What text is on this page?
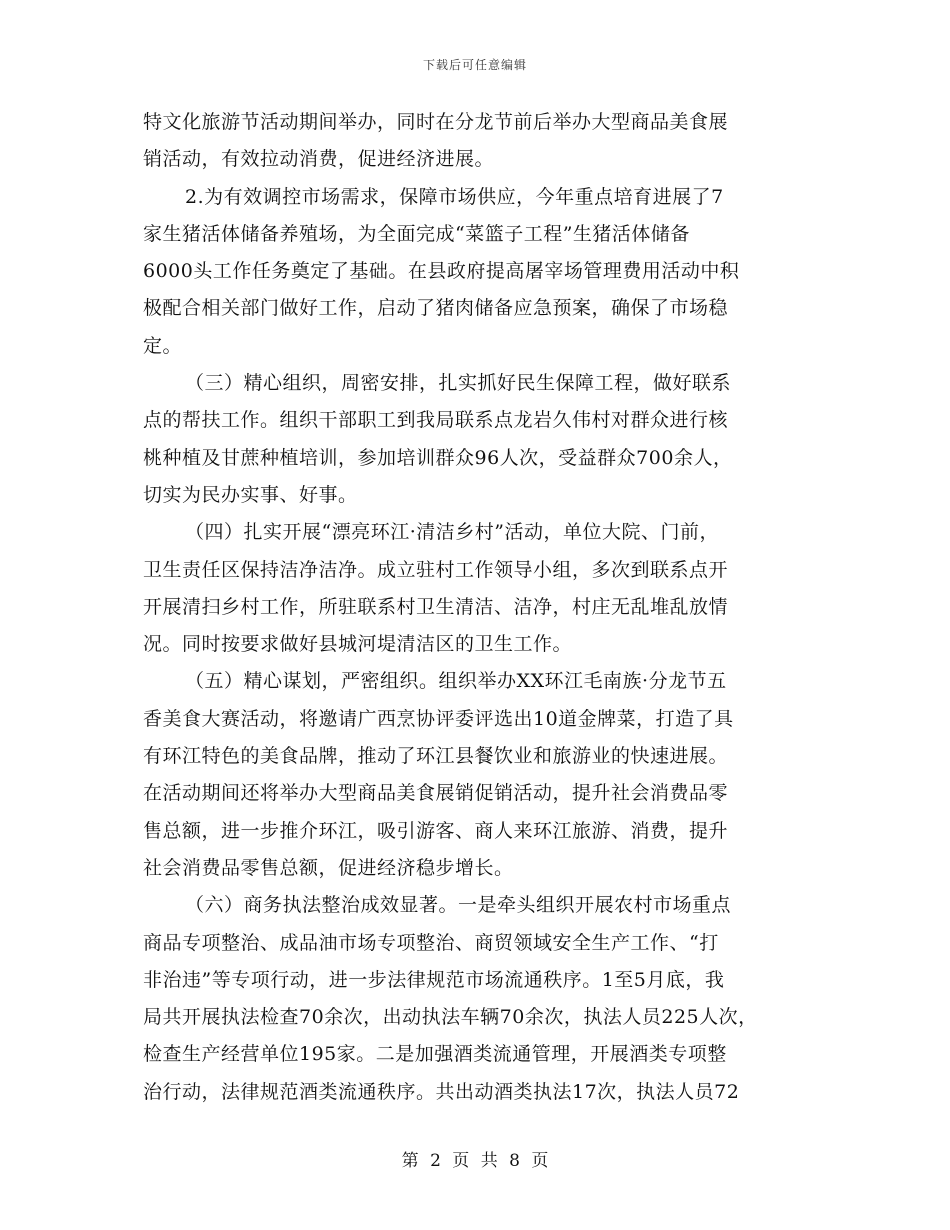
下载后可任意编辑
特文化旅游节活动期间举办，同时在分龙节前后举办大型商品美食展
销活动，有效拉动消费，促进经济进展。
2.为有效调控市场需求，保障市场供应，今年重点培育进展了7
家生猪活体储备养殖场，为全面完成“菜篮子工程”生猪活体储备
6000头工作任务奠定了基础。在县政府提高屠宰场管理费用活动中积
极配合相关部门做好工作，启动了猪肉储备应急预案，确保了市场稳
定。
（三）精心组织，周密安排，扎实抓好民生保障工程，做好联系
点的帮扶工作。组织干部职工到我局联系点龙岩久伟村对群众进行核
桃种植及甘蔗种植培训，参加培训群众96人次，受益群众700余人，
切实为民办实事、好事。
（四）扎实开展“漂亮环江·清洁乡村”活动，单位大院、门前，
卫生责任区保持洁净洁净。成立驻村工作领导小组，多次到联系点开
开展清扫乡村工作，所驻联系村卫生清洁、洁净，村庄无乱堆乱放情
况。同时按要求做好县城河堤清洁区的卫生工作。
（五）精心谋划，严密组织。组织举办XX环江毛南族·分龙节五
香美食大赛活动，将邀请广西烹协评委评选出10道金牌菜，打造了具
有环江特色的美食品牌，推动了环江县餐饮业和旅游业的快速进展。
在活动期间还将举办大型商品美食展销促销活动，提升社会消费品零
售总额，进一步推介环江，吸引游客、商人来环江旅游、消费，提升
社会消费品零售总额，促进经济稳步增长。
（六）商务执法整治成效显著。一是牵头组织开展农村市场重点
商品专项整治、成品油市场专项整治、商贸领域安全生产工作、“打
非治违”等专项行动，进一步法律规范市场流通秩序。1至5月底，我
局共开展执法检查70余次，出动执法车辆70余次，执法人员225人次，
检查生产经营单位195家。二是加强酒类流通管理，开展酒类专项整
治行动，法律规范酒类流通秩序。共出动酒类执法17次，执法人员72
第 2 页 共 8 页
